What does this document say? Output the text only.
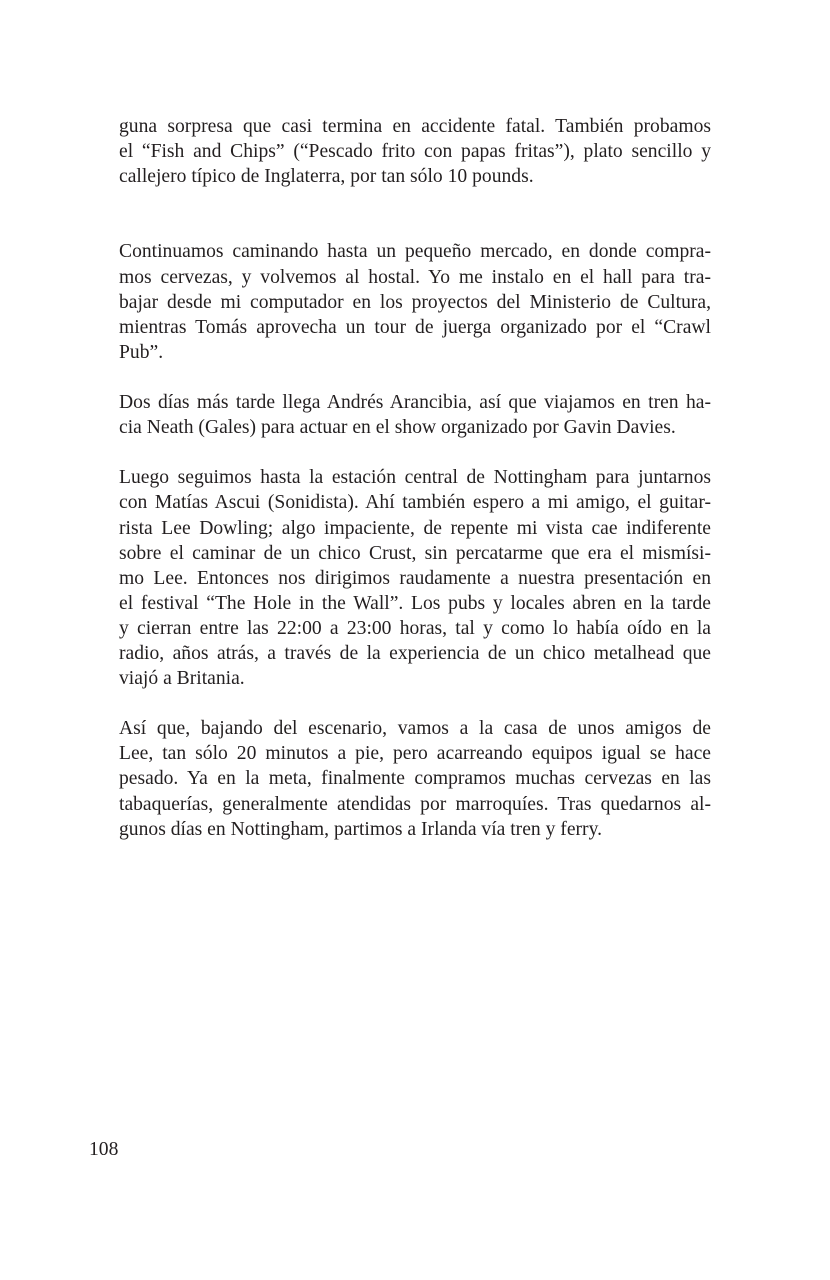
guna sorpresa que casi termina en accidente fatal. También probamos
el “Fish and Chips” (“Pescado frito con papas fritas”), plato sencillo y
callejero típico de Inglaterra, por tan sólo 10 pounds.
Continuamos caminando hasta un pequeño mercado, en donde compra-
mos cervezas, y volvemos al hostal. Yo me instalo en el hall para tra-
bajar desde mi computador en los proyectos del Ministerio de Cultura,
mientras Tomás aprovecha un tour de juerga organizado por el “Crawl
Pub”.
Dos días más tarde llega Andrés Arancibia, así que viajamos en tren ha-
cia Neath (Gales) para actuar en el show organizado por Gavin Davies.
Luego seguimos hasta la estación central de Nottingham para juntarnos
con Matías Ascui (Sonidista). Ahí también espero a mi amigo, el guitar-
rista Lee Dowling; algo impaciente, de repente mi vista cae indiferente
sobre el caminar de un chico Crust, sin percatarme que era el mismísi-
mo Lee. Entonces nos dirigimos raudamente a nuestra presentación en
el festival “The Hole in the Wall”. Los pubs y locales abren en la tarde
y cierran entre las 22:00 a 23:00 horas, tal y como lo había oído en la
radio, años atrás, a través de la experiencia de un chico metalhead que
viajó a Britania.
Así que, bajando del escenario, vamos a la casa de unos amigos de
Lee, tan sólo 20 minutos a pie, pero acarreando equipos igual se hace
pesado. Ya en la meta, finalmente compramos muchas cervezas en las
tabaquerías, generalmente atendidas por marroquíes. Tras quedarnos al-
gunos días en Nottingham, partimos a Irlanda vía tren y ferry.
108
